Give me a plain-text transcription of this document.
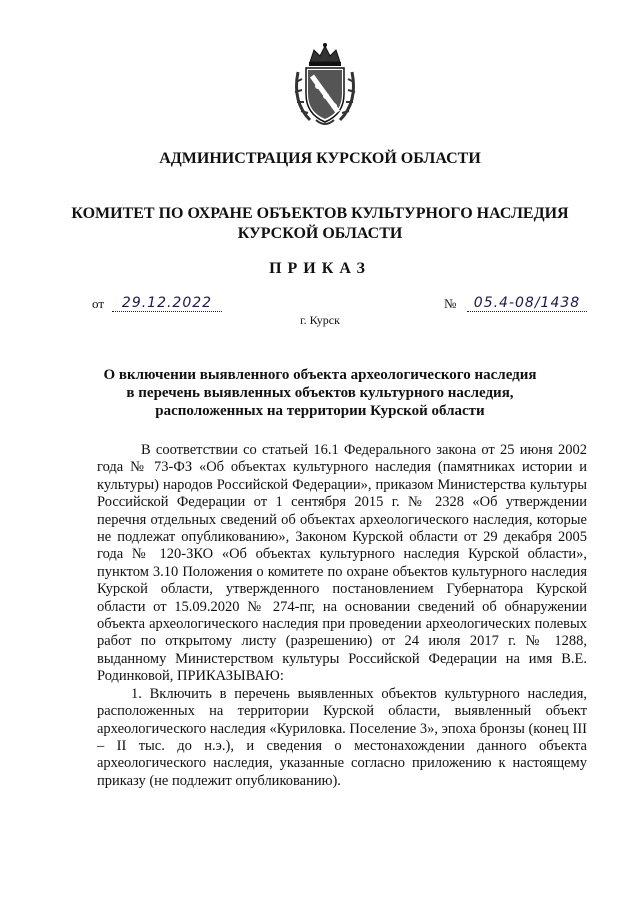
АДМИНИСТРАЦИЯ КУРСКОЙ ОБЛАСТИ
КОМИТЕТ ПО ОХРАНЕ ОБЪЕКТОВ КУЛЬТУРНОГО НАСЛЕДИЯ
КУРСКОЙ ОБЛАСТИ
ПРИКАЗ
от	29.12.2022	№	05.4-08/1438
г. Курск
О включении выявленного объекта археологического наследия
в перечень выявленных объектов культурного наследия,
расположенных на территории Курской области

В соответствии со статьей 16.1 Федерального закона от 25 июня 2002 года № 73-ФЗ «Об объектах культурного наследия (памятниках истории и культуры) народов Российской Федерации», приказом Министерства культуры Российской Федерации от 1 сентября 2015 г. № 2328 «Об утверждении перечня отдельных сведений об объектах археологического наследия, которые не подлежат опубликованию», Законом Курской области от 29 декабря 2005 года № 120-ЗКО «Об объектах культурного наследия Курской области», пунктом 3.10 Положения о комитете по охране объектов культурного наследия Курской области, утвержденного постановлением Губернатора Курской области от 15.09.2020 № 274-пг, на основании сведений об обнаружении объекта археологического наследия при проведении археологических полевых работ по открытому листу (разрешению) от 24 июля 2017 г. № 1288, выданному Министерством культуры Российской Федерации на имя В.Е. Родинковой, ПРИКАЗЫВАЮ:

1. Включить в перечень выявленных объектов культурного наследия, расположенных на территории Курской области, выявленный объект археологического наследия «Куриловка. Поселение 3», эпоха бронзы (конец III – II тыс. до н.э.), и сведения о местонахождении данного объекта археологического наследия, указанные согласно приложению к настоящему приказу (не подлежит опубликованию).
